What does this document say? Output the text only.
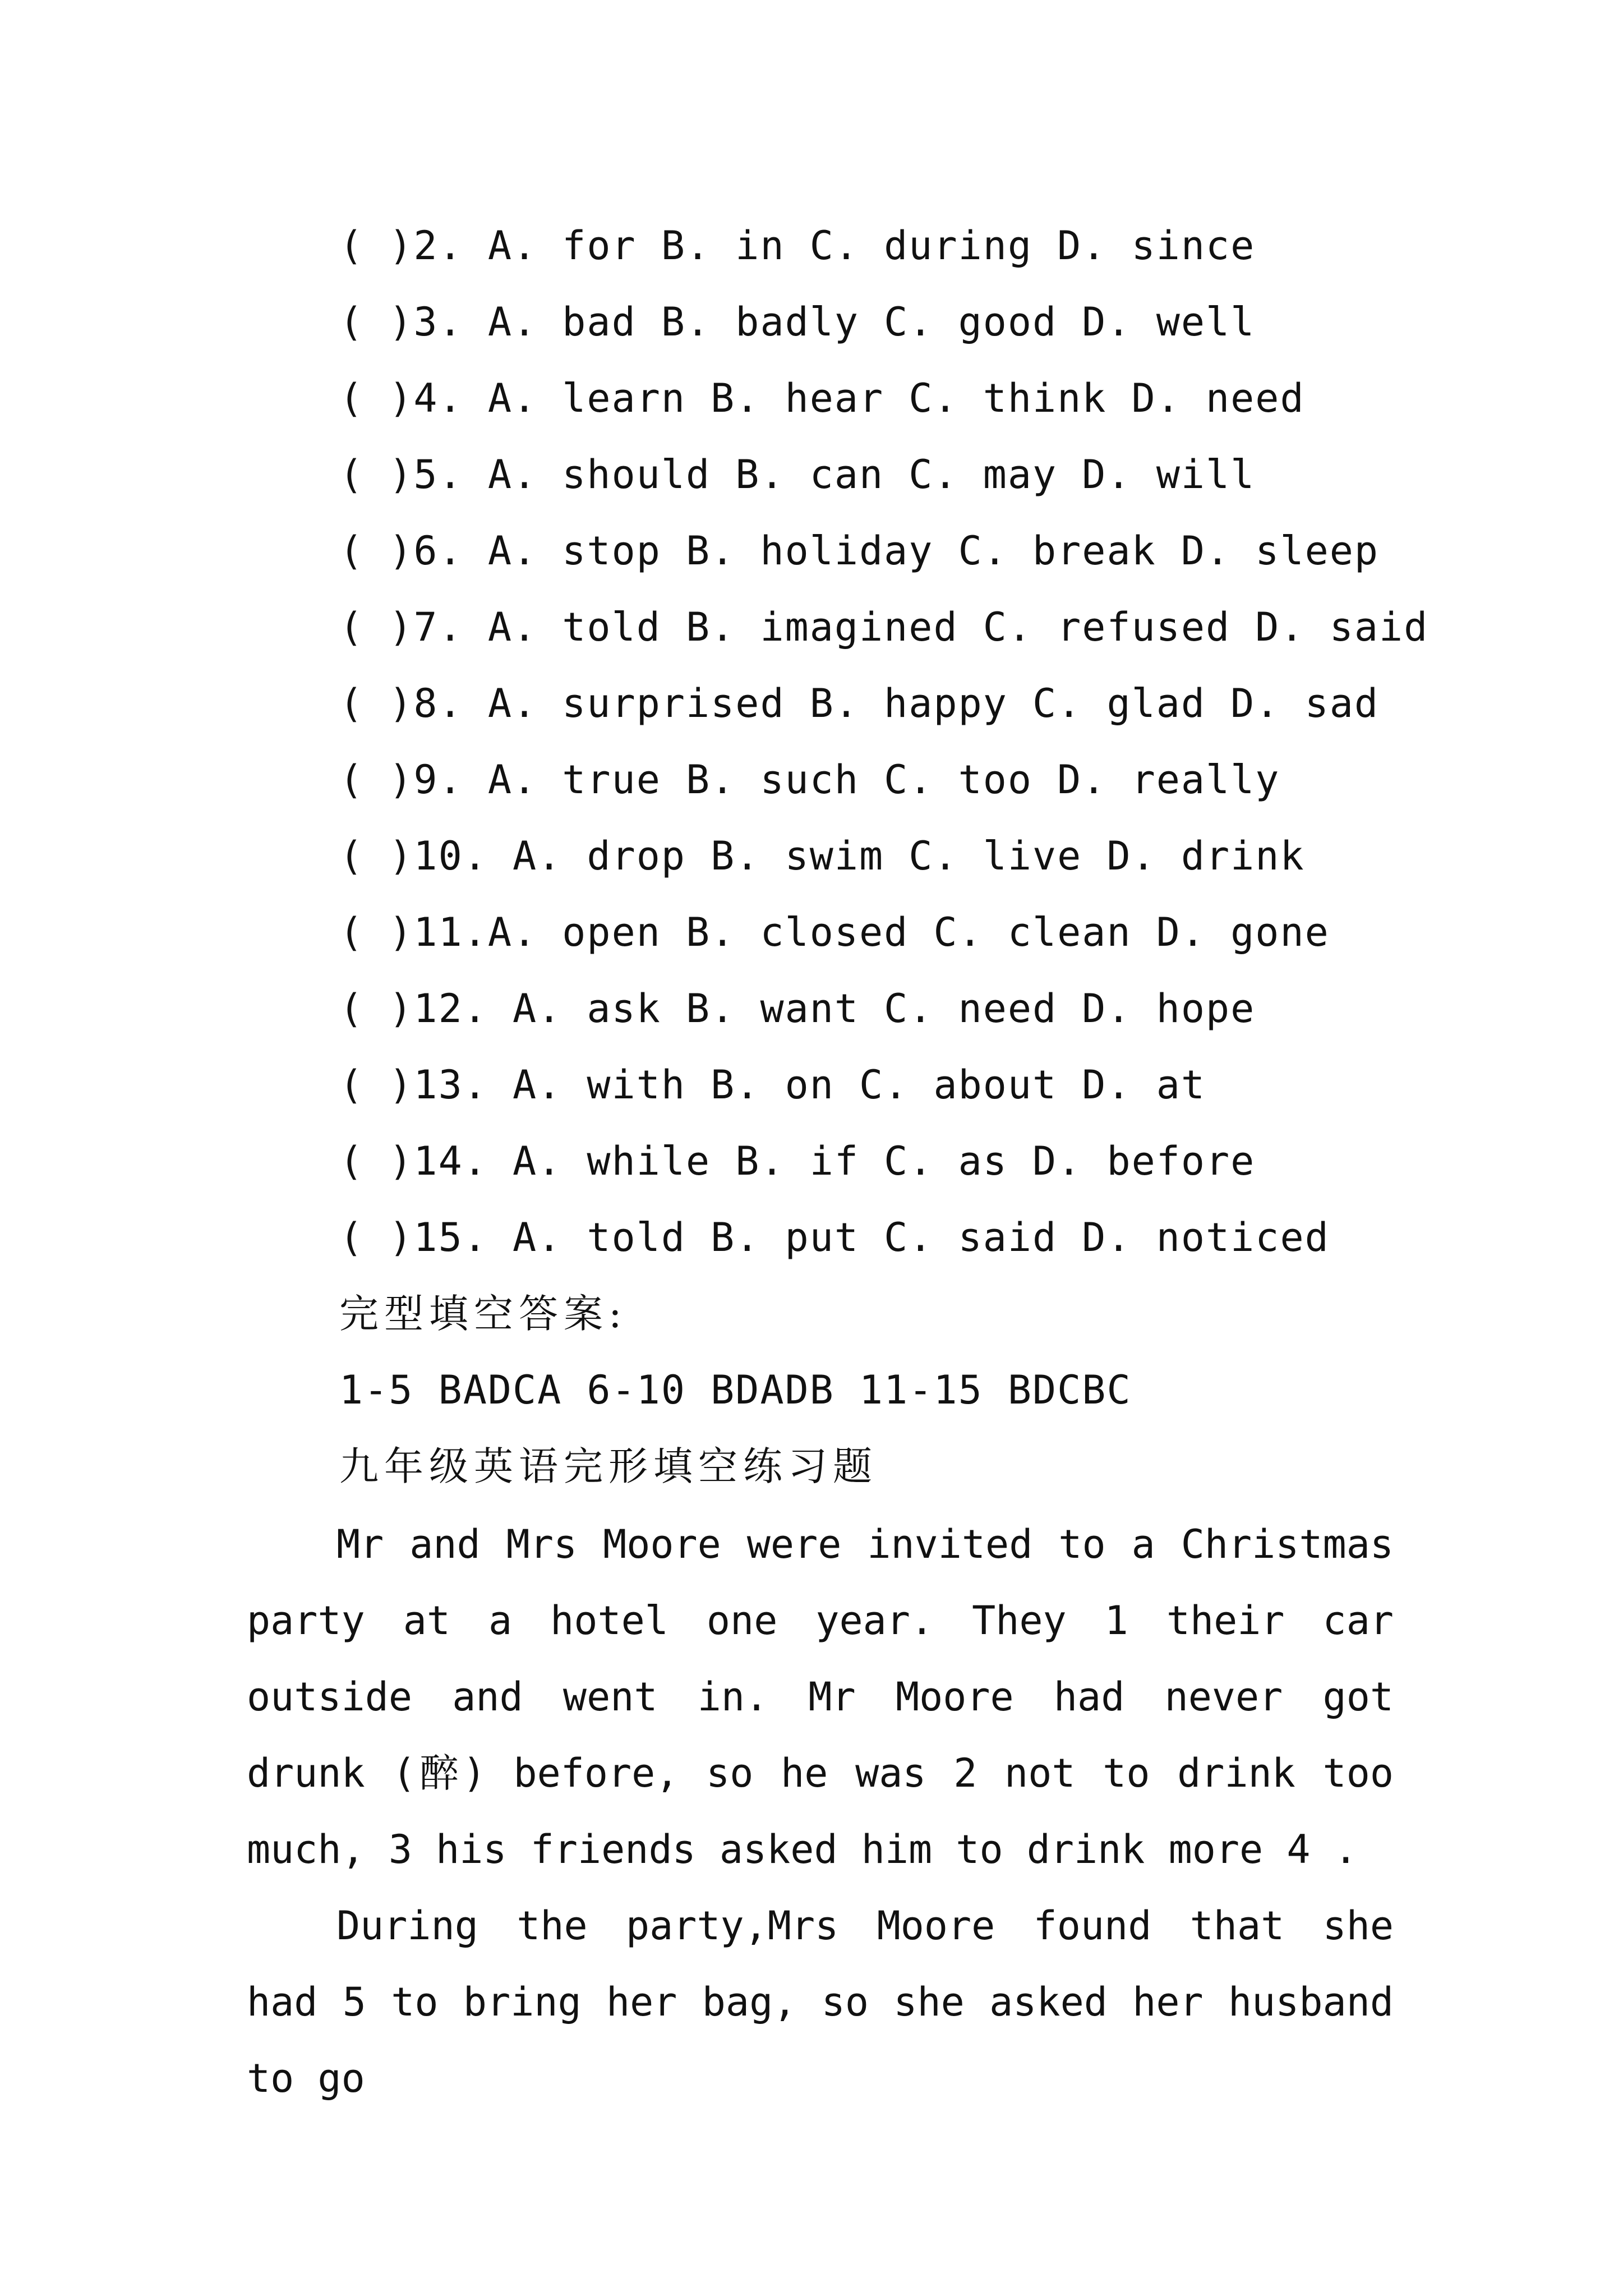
( )2. A. for B. in C. during D. since
( )3. A. bad B. badly C. good D. well
( )4. A. learn B. hear C. think D. need
( )5. A. should B. can C. may D. will
( )6. A. stop B. holiday C. break D. sleep
( )7. A. told B. imagined C. refused D. said
( )8. A. surprised B. happy C. glad D. sad
( )9. A. true B. such C. too D. really
( )10. A. drop B. swim C. live D. drink
( )11.A. open B. closed C. clean D. gone
( )12. A. ask B. want C. need D. hope
( )13. A. with B. on C. about D. at
( )14. A. while B. if C. as D. before
( )15. A. told B. put C. said D. noticed
完型填空答案:
1-5 BADCA 6-10 BDADB 11-15 BDCBC
九年级英语完形填空练习题
Mr and Mrs Moore were invited to a Christmas party at a hotel one year. They 1 their car outside and went in. Mr Moore had never got drunk (醉) before, so he was 2 not to drink too much, 3 his friends asked him to drink more 4 .
During the party,Mrs Moore found that she had 5 to bring her bag, so she asked her husband to go
